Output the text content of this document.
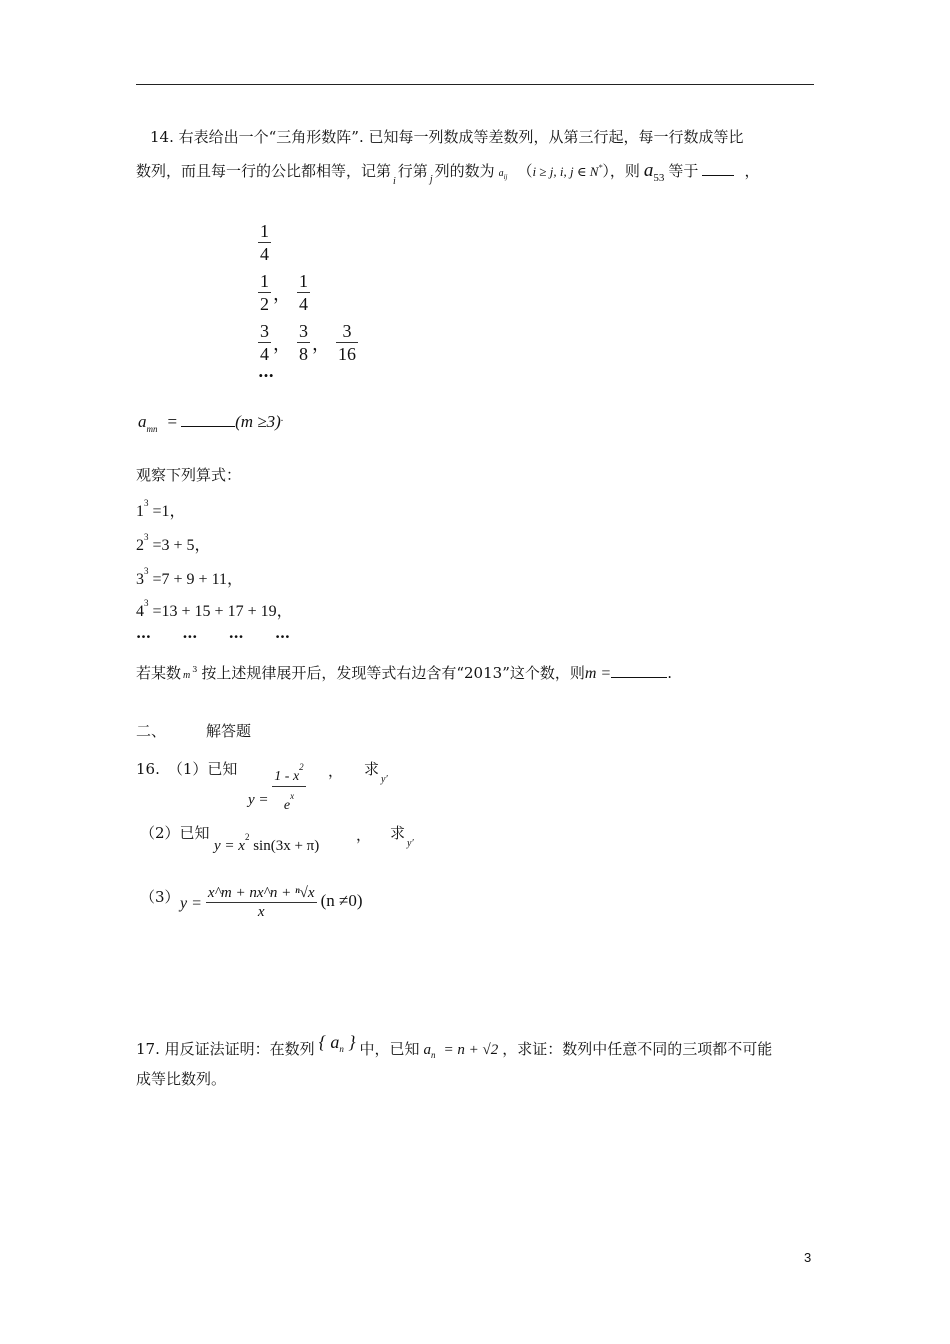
14. 右表给出一个“三角形数阵”. 已知每一列数成等差数列，从第三行起，每一行数成等比
数列，而且每一行的公比都相等，记第$_i$行第 $_j$ 列的数为 $a_{ij}$ （i ≥ j, i, j ∈ N*），则 $a_{53}$ 等于	，
$\frac{1}{4}$
$\frac{1}{2}$ ， $\frac{1}{4}$
$\frac{3}{4}$ ， $\frac{3}{8}$ ， $\frac{3}{16}$
…
$a_{mn}$ =	(m ≥3).
观察下列算式：
$1^3 =1$，
$2^3 =3 + 5$，
$3^3 =7 + 9 + 11$，
$4^3 =13 + 15 + 17 + 19$，
…      …      …      …
若某数 $m^3$ 按上述规律展开后，发现等式右边含有“2013”这个数，则m =	.
二、	解答题
16. （1）已知
$y = \frac{1 - x^2}{e^x}$ ， 求$_{y'}$
（2）已知
$y = x^2$ sin(3x + π)
， 求$_{y'}$
（3） $y = \frac{\text{x\textasciicircum{}m + nx\textasciicircum{}n + ⁿ√x}}{x} (n \ne 0)$
17. 用反证法证明：在数列 { $a_n$ } 中，已知 $a_n = n + √2$ ，求证：数列中任意不同的三项都不可能
成等比数列。
3
